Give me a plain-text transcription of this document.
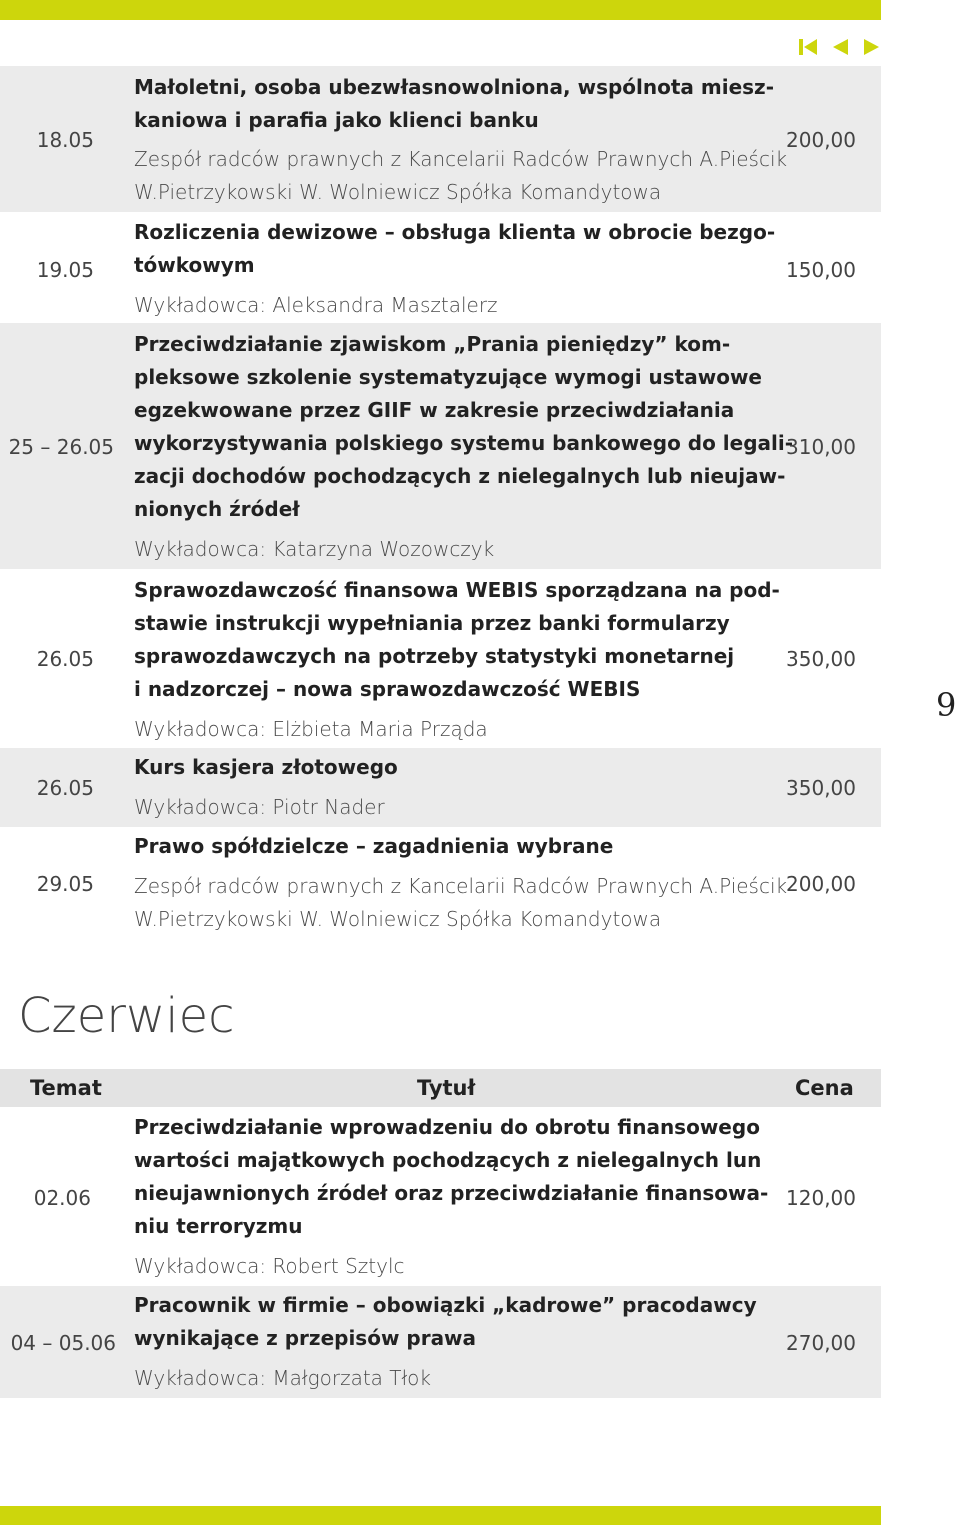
18.05

Małoletni, osoba ubezwłasnowolniona, wspólnota miesz-

kaniowa i parafia jako klienci banku

Zespół radców prawnych z Kancelarii Radców Prawnych A.Pieścik

W.Pietrzykowski W. Wolniewicz Spółka Komandytowa

200,00
19.05

Rozliczenia dewizowe – obsługa klienta w obrocie bezgo-

tówkowym

Wykładowca: Aleksandra Masztalerz

150,00
25 – 26.05

Przeciwdziałanie zjawiskom „Prania pieniędzy” kom-

pleksowe szkolenie systematyzujące wymogi ustawowe

egzekwowane przez GIIF w zakresie przeciwdziałania

wykorzystywania polskiego systemu bankowego do legali-

zacji dochodów pochodzących z nielegalnych lub nieujaw-

nionych źródeł

Wykładowca: Katarzyna Wozowczyk

310,00
26.05

Sprawozdawczość finansowa WEBIS sporządzana na pod-

stawie instrukcji wypełniania przez banki formularzy

sprawozdawczych na potrzeby statystyki monetarnej

i nadzorczej – nowa sprawozdawczość WEBIS

Wykładowca: Elżbieta Maria Prząda

350,00
26.05

Kurs kasjera złotowego

Wykładowca: Piotr Nader

350,00
29.05

Prawo spółdzielcze – zagadnienia wybrane

Zespół radców prawnych z Kancelarii Radców Prawnych A.Pieścik

W.Pietrzykowski W. Wolniewicz Spółka Komandytowa

200,00
9
Czerwiec
Temat	Tytuł	Cena
02.06

Przeciwdziałanie wprowadzeniu do obrotu finansowego

wartości majątkowych pochodzących z nielegalnych lun

nieujawnionych źródeł oraz przeciwdziałanie finansowa-

niu terroryzmu

Wykładowca: Robert Sztylc

120,00
04 – 05.06

Pracownik w firmie – obowiązki „kadrowe” pracodawcy

wynikające z przepisów prawa

Wykładowca: Małgorzata Tłok

270,00
